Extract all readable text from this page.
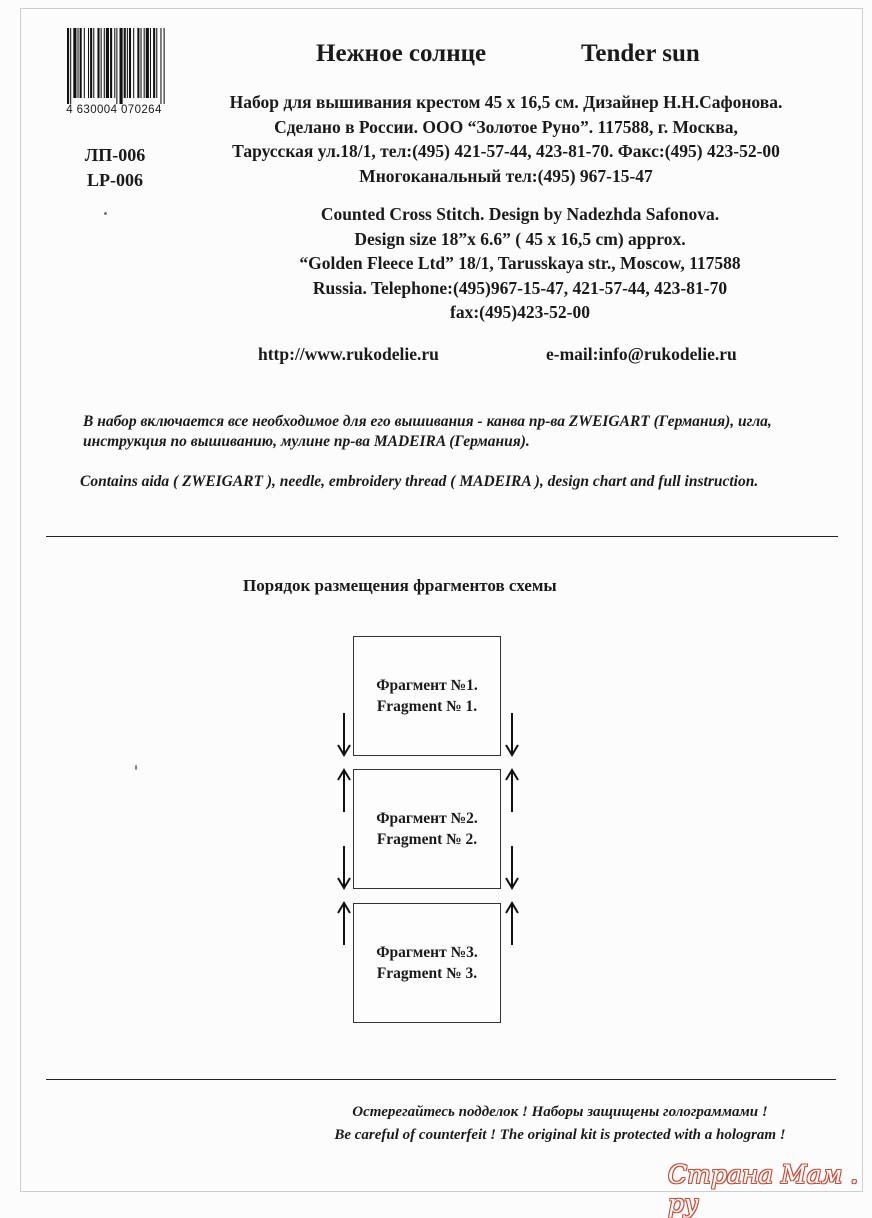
4 630004 070264
ЛП-006
LP-006
Нежное солнце	Tender sun
Набор для вышивания крестом 45 х 16,5 см. Дизайнер Н.Н.Сафонова.
Сделано в России. ООО “Золотое Руно”. 117588, г. Москва,
Тарусская ул.18/1, тел:(495) 421-57-44, 423-81-70. Факс:(495) 423-52-00
Многоканальный тел:(495) 967-15-47
Counted Cross Stitch. Design by Nadezhda Safonova.
Design size 18”x 6.6” ( 45 х 16,5 cm) approx.
“Golden Fleece Ltd” 18/1, Tarusskaya str., Moscow, 117588
Russia. Telephone:(495)967-15-47, 421-57-44, 423-81-70
fax:(495)423-52-00
http://www.rukodelie.ru	e-mail:info@rukodelie.ru
В набор включается все необходимое для его вышивания - канва пр-ва ZWEIGART (Германия), игла, инструкция по вышиванию, мулине пр-ва MADEIRA (Германия).
Contains aida ( ZWEIGART ), needle, embroidery thread ( MADEIRA ), design chart and full instruction.
Порядок размещения фрагментов схемы
Фрагмент №1.
Fragment № 1.
Фрагмент №2.
Fragment № 2.
Фрагмент №3.
Fragment № 3.
Остерегайтесь подделок ! Наборы защищены голограммами !
Be careful of counterfeit ! The original kit is protected with a hologram !
Страна Мам . ру
